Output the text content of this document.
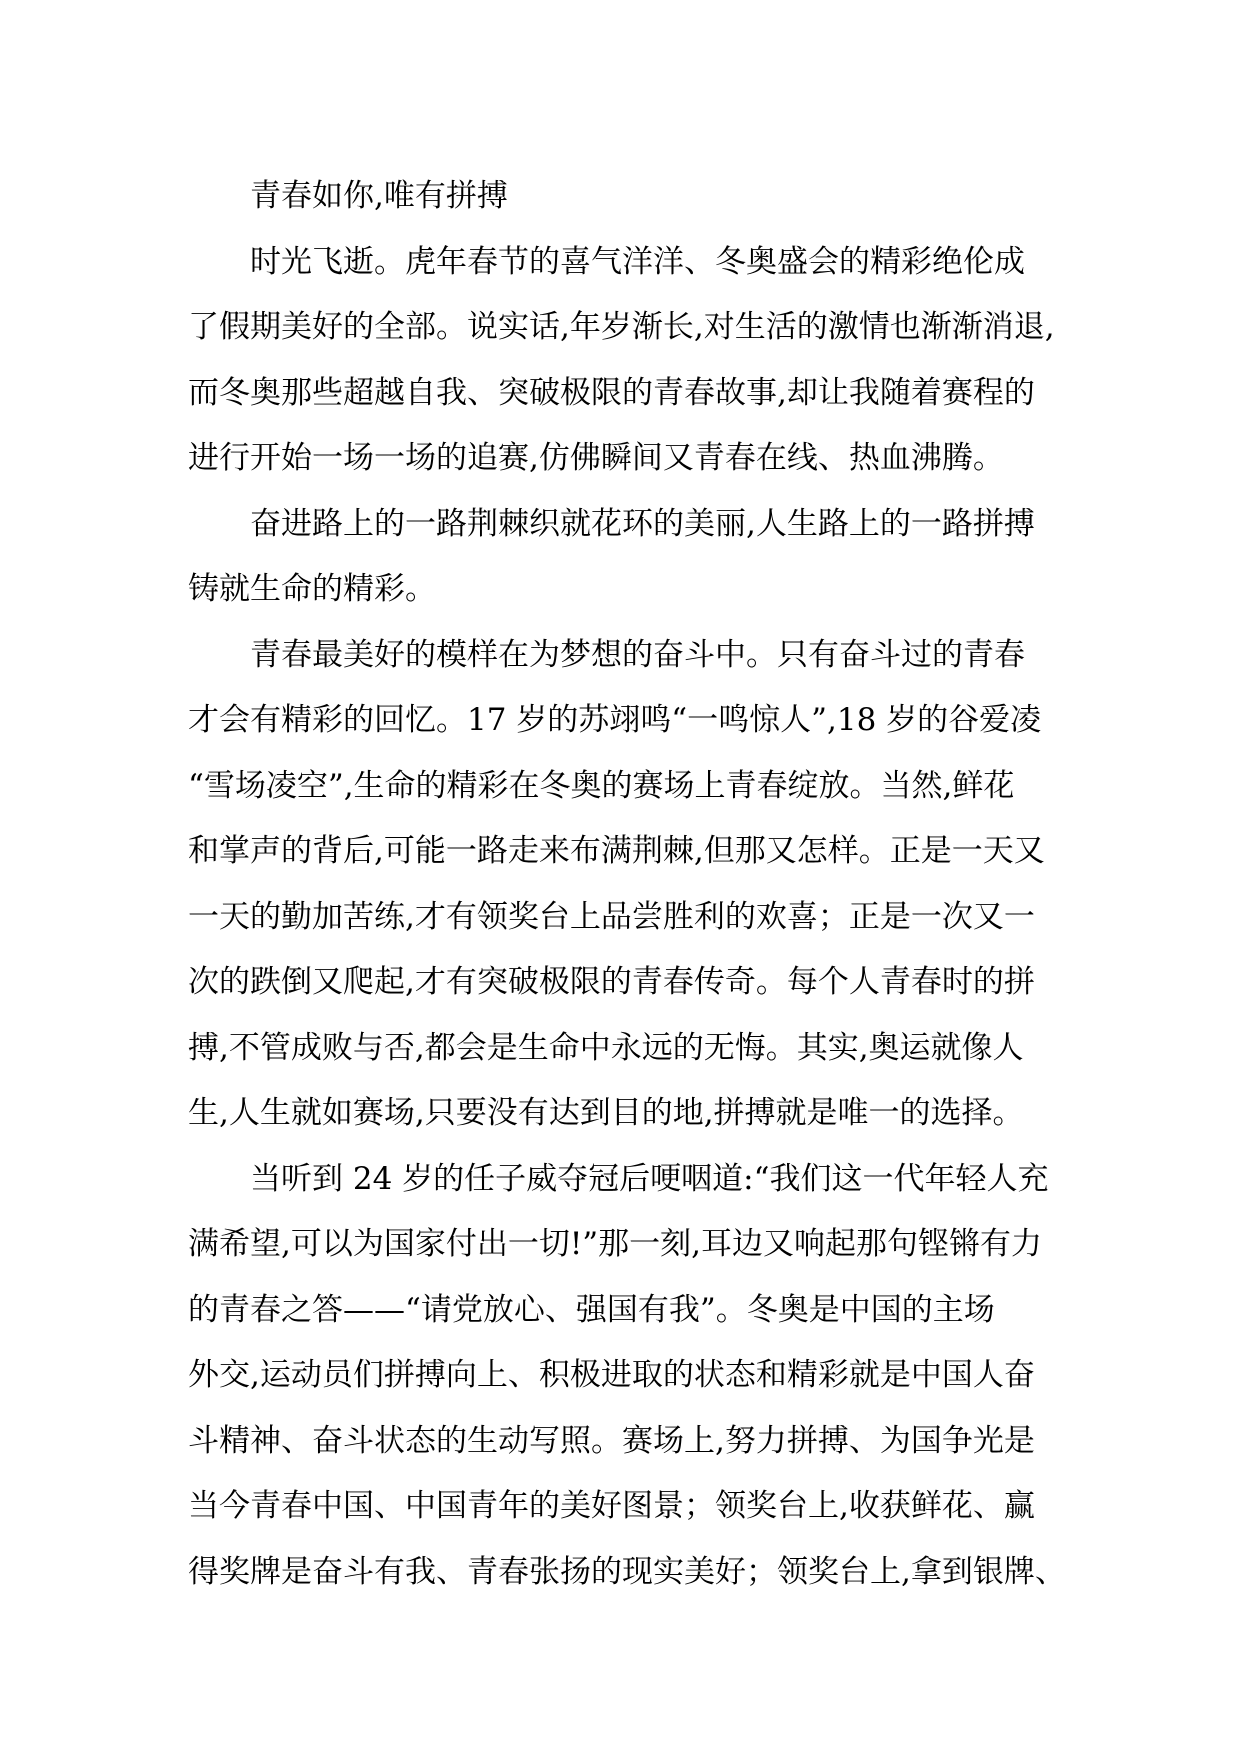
青春如你,唯有拼搏
时光飞逝。虎年春节的喜气洋洋、冬奥盛会的精彩绝伦成
了假期美好的全部。说实话,年岁渐长,对生活的激情也渐渐消退,
而冬奥那些超越自我、突破极限的青春故事,却让我随着赛程的
进行开始一场一场的追赛,仿佛瞬间又青春在线、热血沸腾。
奋进路上的一路荆棘织就花环的美丽,人生路上的一路拼搏
铸就生命的精彩。
青春最美好的模样在为梦想的奋斗中。只有奋斗过的青春
才会有精彩的回忆。17 岁的苏翊鸣“一鸣惊人”,18 岁的谷爱凌
“雪场凌空”,生命的精彩在冬奥的赛场上青春绽放。当然,鲜花
和掌声的背后,可能一路走来布满荆棘,但那又怎样。正是一天又
一天的勤加苦练,才有领奖台上品尝胜利的欢喜；正是一次又一
次的跌倒又爬起,才有突破极限的青春传奇。每个人青春时的拼
搏,不管成败与否,都会是生命中永远的无悔。其实,奥运就像人
生,人生就如赛场,只要没有达到目的地,拼搏就是唯一的选择。
当听到 24 岁的任子威夺冠后哽咽道:“我们这一代年轻人充
满希望,可以为国家付出一切!”那一刻,耳边又响起那句铿锵有力
的青春之答——“请党放心、强国有我”。冬奥是中国的主场
外交,运动员们拼搏向上、积极进取的状态和精彩就是中国人奋
斗精神、奋斗状态的生动写照。赛场上,努力拼搏、为国争光是
当今青春中国、中国青年的美好图景；领奖台上,收获鲜花、赢
得奖牌是奋斗有我、青春张扬的现实美好；领奖台上,拿到银牌、
